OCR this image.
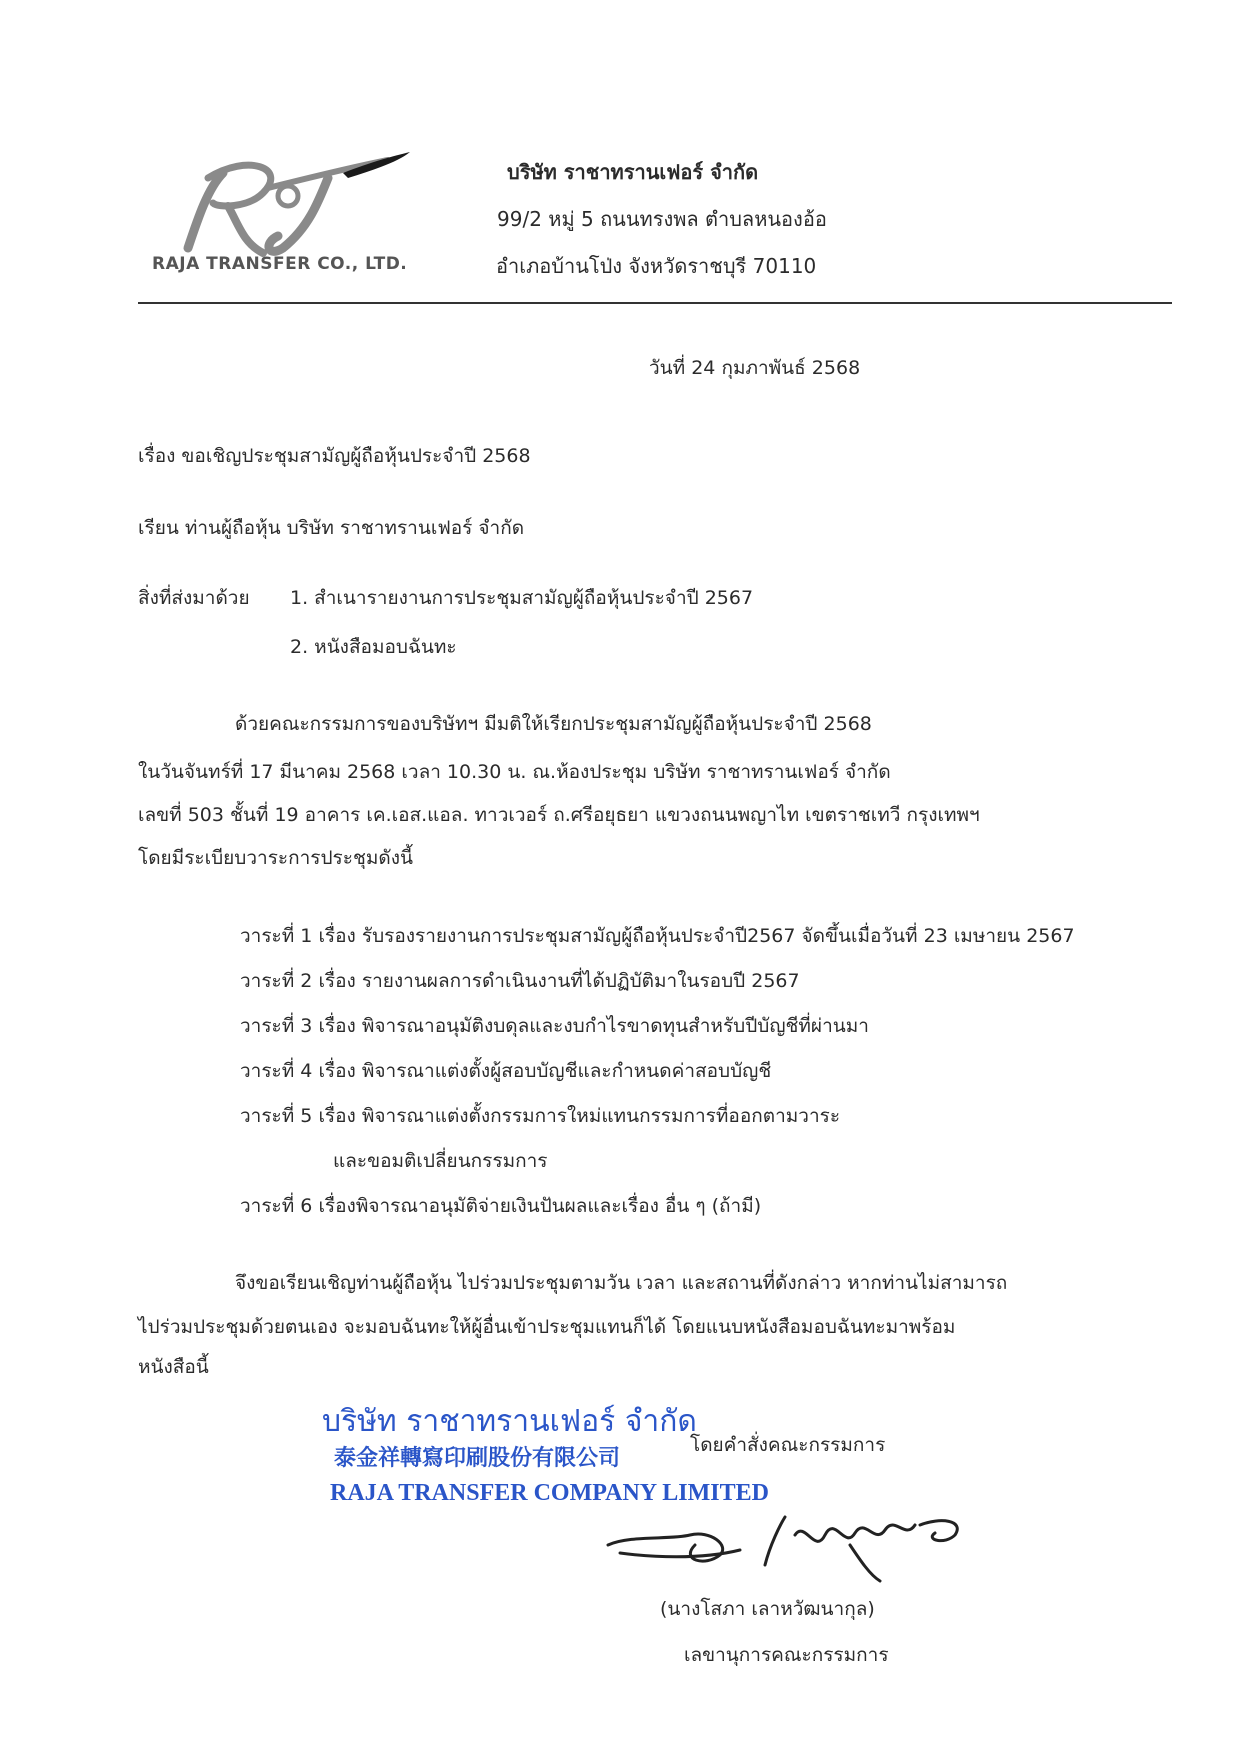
RAJA TRANSFER CO., LTD.
บริษัท ราชาทรานเฟอร์ จำกัด
99/2 หมู่ 5 ถนนทรงพล ตำบลหนองอ้อ
อำเภอบ้านโป่ง จังหวัดราชบุรี 70110
วันที่ 24 กุมภาพันธ์ 2568
เรื่อง ขอเชิญประชุมสามัญผู้ถือหุ้นประจำปี 2568
เรียน ท่านผู้ถือหุ้น บริษัท ราชาทรานเฟอร์ จำกัด
สิ่งที่ส่งมาด้วย 1. สำเนารายงานการประชุมสามัญผู้ถือหุ้นประจำปี 2567
2. หนังสือมอบฉันทะ
ด้วยคณะกรรมการของบริษัทฯ มีมติให้เรียกประชุมสามัญผู้ถือหุ้นประจำปี 2568
ในวันจันทร์ที่ 17 มีนาคม 2568 เวลา 10.30 น. ณ.ห้องประชุม บริษัท ราชาทรานเฟอร์ จำกัด
เลขที่ 503 ชั้นที่ 19 อาคาร เค.เอส.แอล. ทาวเวอร์ ถ.ศรีอยุธยา แขวงถนนพญาไท เขตราชเทวี กรุงเทพฯ
โดยมีระเบียบวาระการประชุมดังนี้
วาระที่ 1 เรื่อง รับรองรายงานการประชุมสามัญผู้ถือหุ้นประจำปี2567 จัดขึ้นเมื่อวันที่ 23 เมษายน 2567
วาระที่ 2 เรื่อง รายงานผลการดำเนินงานที่ได้ปฏิบัติมาในรอบปี 2567
วาระที่ 3 เรื่อง พิจารณาอนุมัติงบดุลและงบกำไรขาดทุนสำหรับปีบัญชีที่ผ่านมา
วาระที่ 4 เรื่อง พิจารณาแต่งตั้งผู้สอบบัญชีและกำหนดค่าสอบบัญชี
วาระที่ 5 เรื่อง พิจารณาแต่งตั้งกรรมการใหม่แทนกรรมการที่ออกตามวาระ
และขอมติเปลี่ยนกรรมการ
วาระที่ 6 เรื่องพิจารณาอนุมัติจ่ายเงินปันผลและเรื่อง อื่น ๆ (ถ้ามี)
จึงขอเรียนเชิญท่านผู้ถือหุ้น ไปร่วมประชุมตามวัน เวลา และสถานที่ดังกล่าว หากท่านไม่สามารถ
ไปร่วมประชุมด้วยตนเอง จะมอบฉันทะให้ผู้อื่นเข้าประชุมแทนก็ได้ โดยแนบหนังสือมอบฉันทะมาพร้อม
หนังสือนี้
บริษัท ราชาทรานเฟอร์ จำกัด
泰金祥轉寫印刷股份有限公司
RAJA TRANSFER COMPANY LIMITED
โดยคำสั่งคณะกรรมการ
(นางโสภา เลาหวัฒนากุล)
เลขานุการคณะกรรมการ
